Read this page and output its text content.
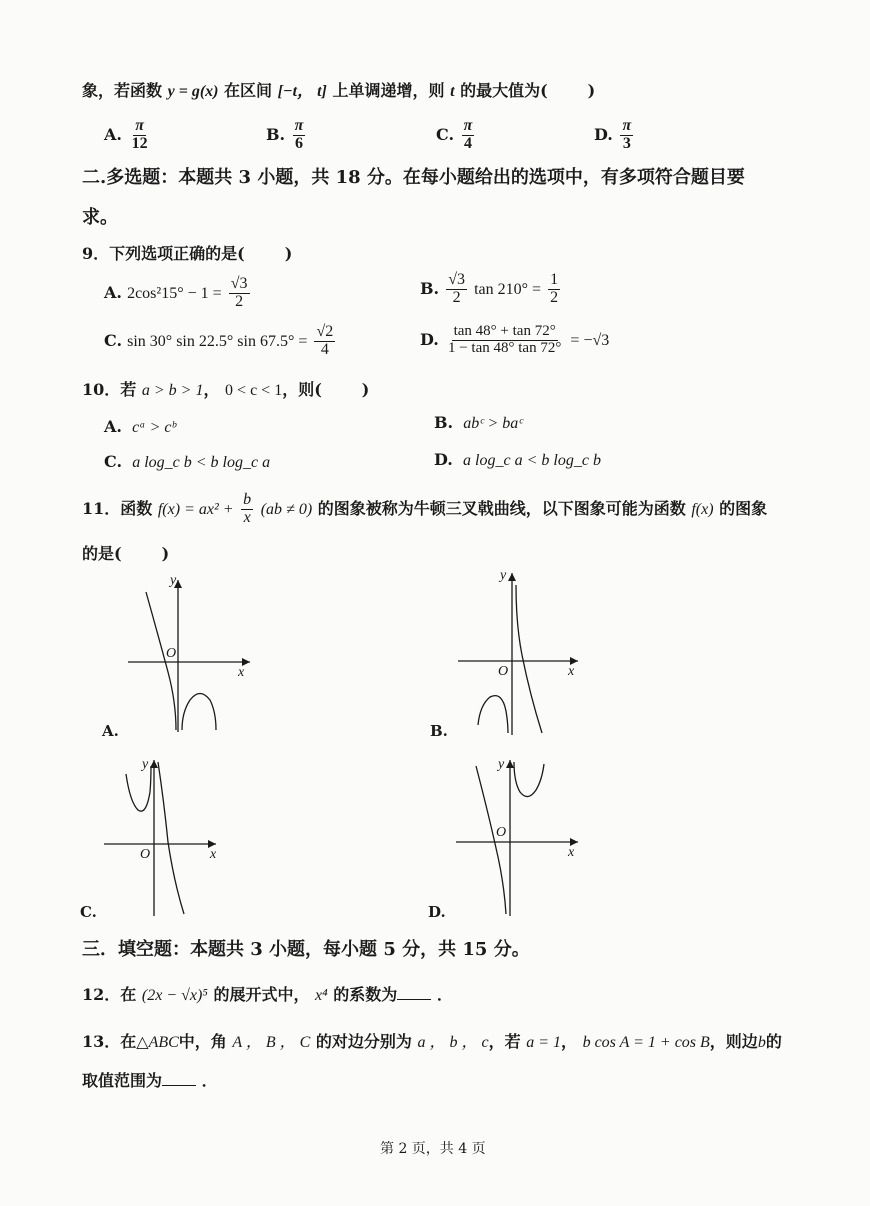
象，若函数 y = g(x) 在区间 [−t， t] 上单调递增，则 t 的最大值为(	)
A. $\frac{\pi}{12}$	B. $\frac{\pi}{6}$	C. $\frac{\pi}{4}$	D. $\frac{\pi}{3}$
二.多选题：本题共 3 小题，共 18 分。在每小题给出的选项中，有多项符合题目要
求。
9．下列选项正确的是(	)
A. $2\cos^215^\circ - 1 = \frac{√3}{2}$	B. $\frac{√3}{2}$ $\tan 210^\circ = \frac{1}{2}$
C. sin 30° sin 22.5° $\sin 67.5^\circ = \frac{√2}{4}$	D. $\frac{\tan 48^\circ + \tan 72^\circ}{1 - \tan 48^\circ \tan 72^\circ} = -√3$
10．若 a > b > 1， 0 < c < 1，则(	)
A. cᵃ > cᵇ	B. abᶜ > baᶜ
C. a log_c b < b log_c a	D. a log_c a < b log_c b
11．函数 $f(x) = ax^2 + \frac{b}{x} (ab \ne 0)$ 的图象被称为牛顿三叉戟曲线，以下图象可能为函数 f(x) 的图象
的是(	)
x
y
O
A.
x
y
O
B.
x
y
O
C.
x
y
O
D.
三．填空题：本题共 3 小题，每小题 5 分，共 15 分。
12．在 (2x − √x)⁵ 的展开式中， x⁴ 的系数为 ．
13．在△ABC中，角 A ， B ， C 的对边分别为 a ， b ， c，若 a = 1， b cos A = 1 + cos B，则边b的
取值范围为 ．
第 2 页，共 4 页
